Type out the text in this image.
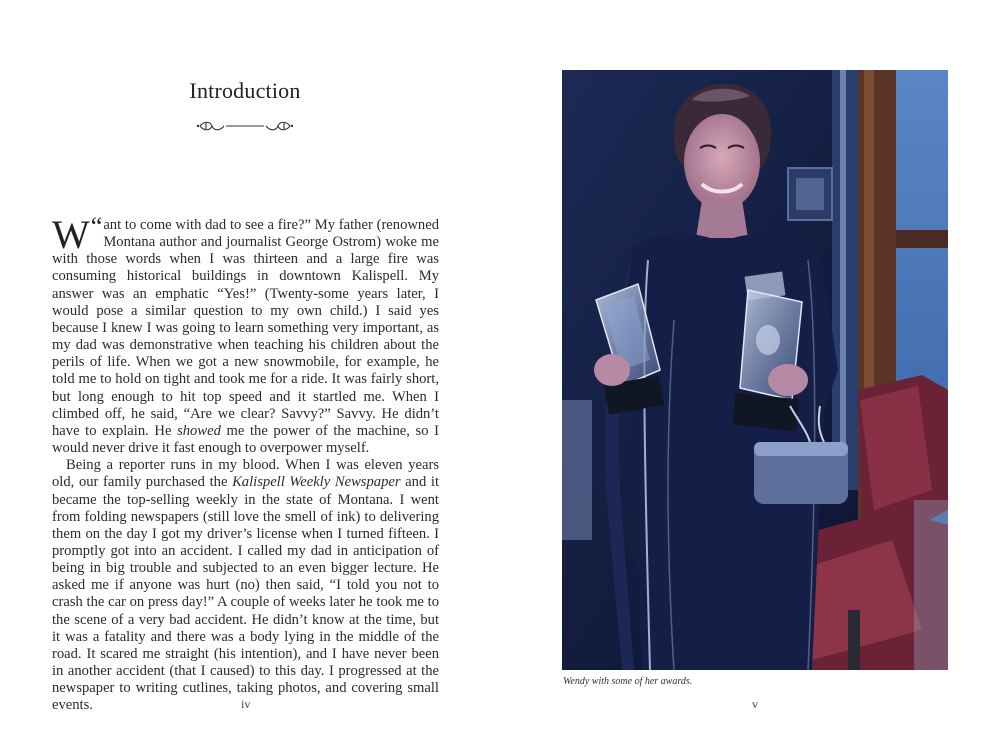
Introduction

“
W ant to come with dad to see a fire?” My father (renowned Montana author and journalist George Ostrom) woke me with those words when I was thirteen and a large fire was consuming historical buildings in downtown Kalispell. My answer was an emphatic “Yes!” (Twenty-some years later, I would pose a similar question to my own child.) I said yes because I knew I was going to learn something very important, as my dad was demonstrative when teaching his children about the perils of life. When we got a new snowmobile, for example, he told me to hold on tight and took me for a ride. It was fairly short, but long enough to hit top speed and it startled me. When I climbed off, he said, “Are we clear? Savvy?” Savvy. He didn’t have to explain. He showed me the power of the machine, so I would never drive it fast enough to overpower myself.

Being a reporter runs in my blood. When I was eleven years old, our family purchased the Kalispell Weekly Newspaper and it became the top-selling weekly in the state of Montana. I went from folding newspapers (still love the smell of ink) to delivering them on the day I got my driver’s license when I turned fifteen. I promptly got into an accident. I called my dad in anticipation of being in big trouble and subjected to an even bigger lecture. He asked me if anyone was hurt (no) then said, “I told you not to crash the car on press day!” A couple of weeks later he took me to the scene of a very bad accident. He didn’t know at the time, but it was a fatality and there was a body lying in the middle of the road. It scared me straight (his intention), and I have never been in another accident (that I caused) to this day. I progressed at the newspaper to writing cutlines, taking photos, and covering small events.	iv
Wendy with some of her awards.
v
